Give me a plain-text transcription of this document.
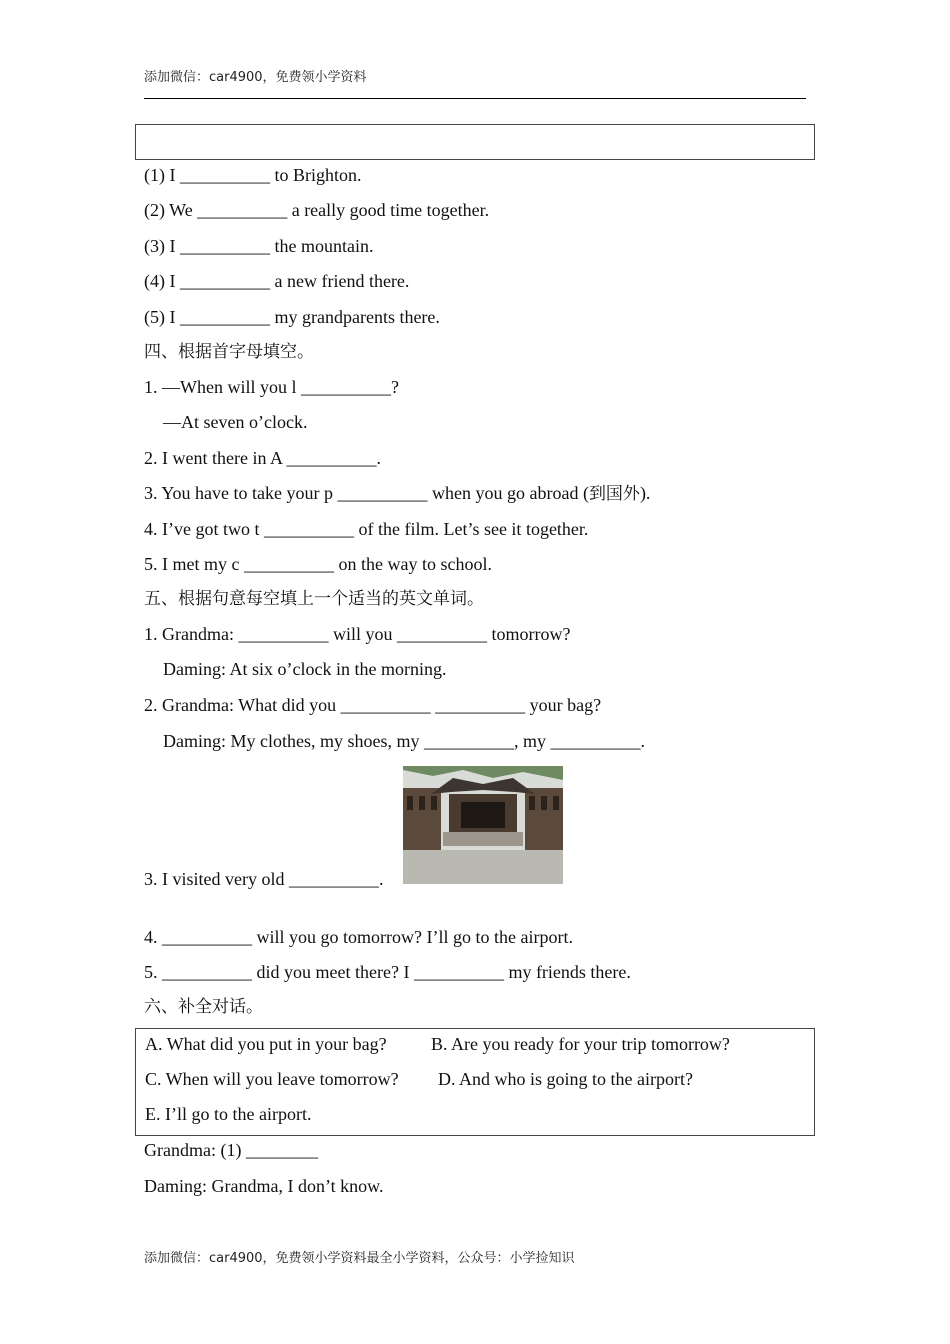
添加微信：car4900，免费领小学资料
(1) I __________ to Brighton.
(2) We __________ a really good time together.
(3) I __________ the mountain.
(4) I __________ a new friend there.
(5) I __________ my grandparents there.
四、根据首字母填空。
1. —When will you l __________?
—At seven o’clock.
2. I went there in A __________.
3. You have to take your p __________ when you go abroad (到国外).
4. I’ve got two t __________ of the film. Let’s see it together.
5. I met my c __________ on the way to school.
五、根据句意每空填上一个适当的英文单词。
1. Grandma: __________ will you __________ tomorrow?
Daming: At six o’clock in the morning.
2. Grandma: What did you __________ __________ your bag?
Daming: My clothes, my shoes, my __________, my __________.
3. I visited very old __________.
4. __________ will you go tomorrow? I’ll go to the airport.
5. __________ did you meet there? I __________ my friends there.
六、补全对话。
A. What did you put in your bag? B. Are you ready for your trip tomorrow?
C. When will you leave tomorrow? D. And who is going to the airport?
E. I’ll go to the airport.
Grandma: (1) ________
Daming: Grandma, I don’t know.
添加微信：car4900，免费领小学资料最全小学资料，公众号：小学捡知识
